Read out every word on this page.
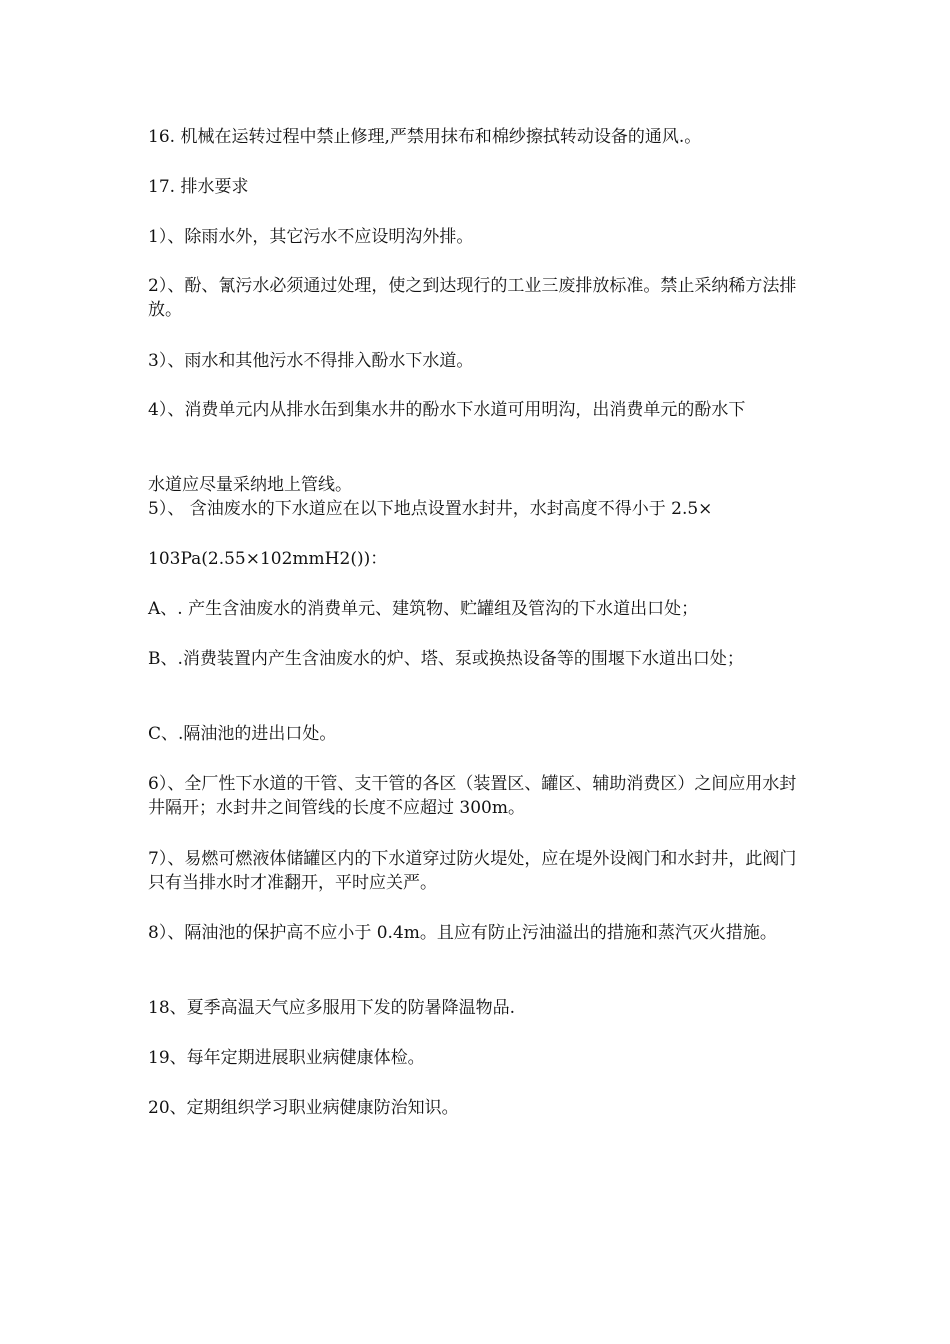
16. 机械在运转过程中禁止修理,严禁用抹布和棉纱擦拭转动设备的通风.。
17. 排水要求
1）、除雨水外，其它污水不应设明沟外排。
2）、酚、氰污水必须通过处理，使之到达现行的工业三废排放标准。禁止采纳稀方法排放。
3）、雨水和其他污水不得排入酚水下水道。
4）、消费单元内从排水缶到集水井的酚水下水道可用明沟，出消费单元的酚水下
水道应尽量采纳地上管线。
5）、 含油废水的下水道应在以下地点设置水封井，水封高度不得小于 2.5×
103Pa(2.55×102mmH2())：
A、. 产生含油废水的消费单元、建筑物、贮罐组及管沟的下水道出口处；
B、.消费装置内产生含油废水的炉、塔、泵或换热设备等的围堰下水道出口处；
C、.隔油池的进出口处。
6）、全厂性下水道的干管、支干管的各区（装置区、罐区、辅助消费区）之间应用水封井隔开；水封井之间管线的长度不应超过 300m。
7）、易燃可燃液体储罐区内的下水道穿过防火堤处，应在堤外设阀门和水封井，此阀门只有当排水时才准翻开，平时应关严。
8）、隔油池的保护高不应小于 0.4m。且应有防止污油溢出的措施和蒸汽灭火措施。
18、夏季高温天气应多服用下发的防暑降温物品.
19、每年定期进展职业病健康体检。
20、定期组织学习职业病健康防治知识。
